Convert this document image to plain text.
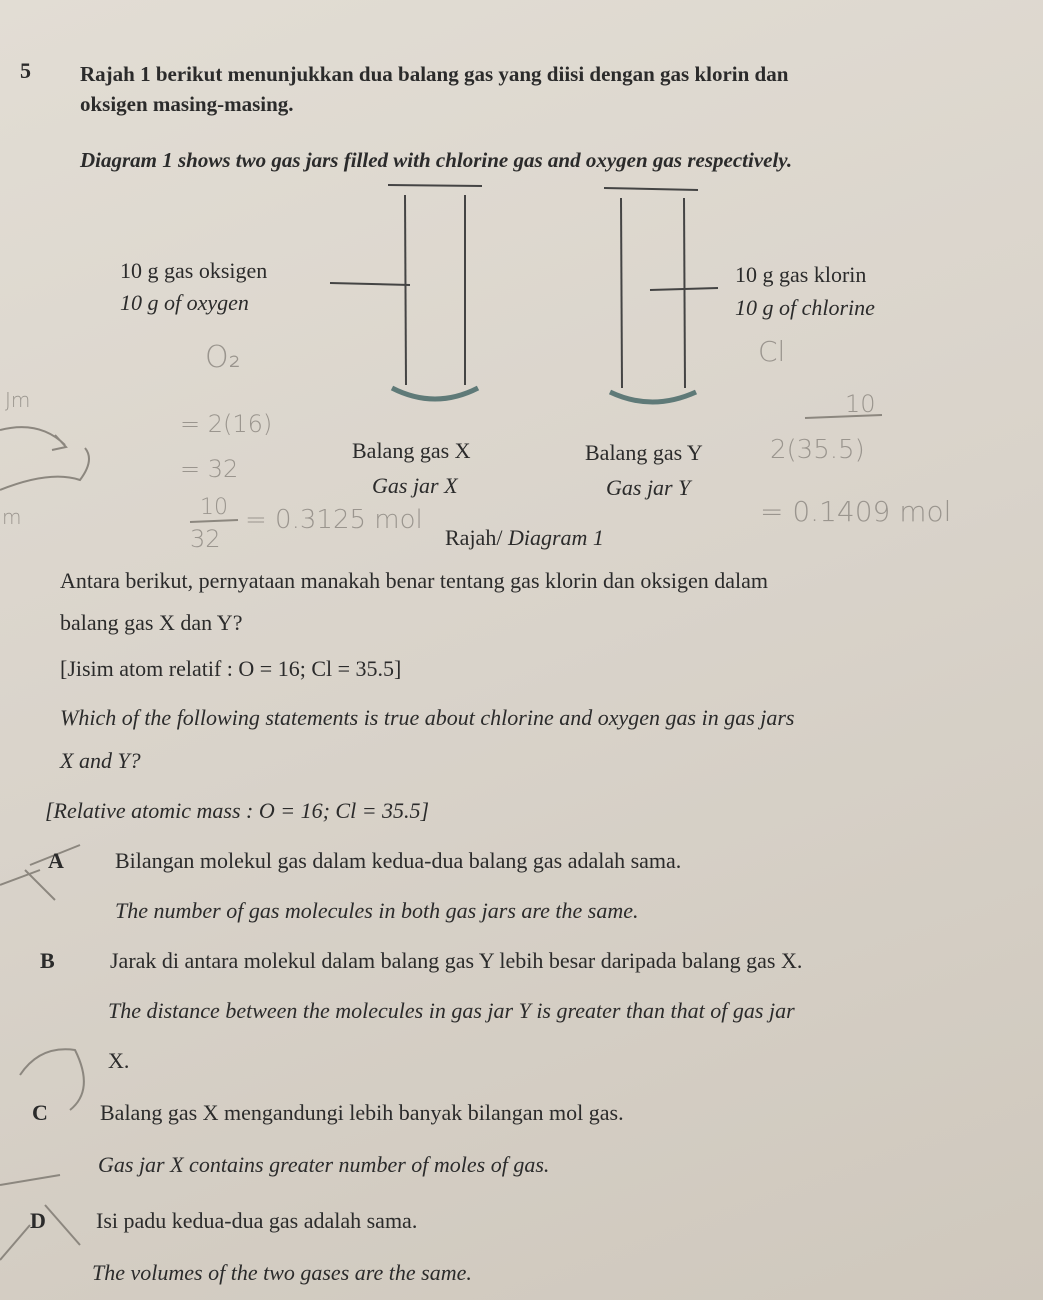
5 Rajah 1 berikut menunjukkan dua balang gas yang diisi dengan gas klorin dan
oksigen masing-masing.
Diagram 1 shows two gas jars filled with chlorine gas and oxygen gas respectively.
10 g gas oksigen
10 g of oxygen
10 g gas klorin
10 g of chlorine
Balang gas X
Gas jar X
Balang gas Y
Gas jar Y
Rajah/ Diagram 1
O₂
Jm
m
= 2(16)
= 32
10
32
= 0.3125 mol
Cl
10
2(35.5)
= 0.1409 mol
Antara berikut, pernyataan manakah benar tentang gas klorin dan oksigen dalam
balang gas X dan Y?
[Jisim atom relatif : O = 16; Cl = 35.5]
Which of the following statements is true about chlorine and oxygen gas in gas jars
X and Y?
[Relative atomic mass : O = 16; Cl = 35.5]
A Bilangan molekul gas dalam kedua-dua balang gas adalah sama.
The number of gas molecules in both gas jars are the same.
B	Jarak di antara molekul dalam balang gas Y lebih besar daripada balang gas X.
The distance between the molecules in gas jar Y is greater than that of gas jar
X.
C Balang gas X mengandungi lebih banyak bilangan mol gas.
Gas jar X contains greater number of moles of gas.
D Isi padu kedua-dua gas adalah sama.
The volumes of the two gases are the same.
